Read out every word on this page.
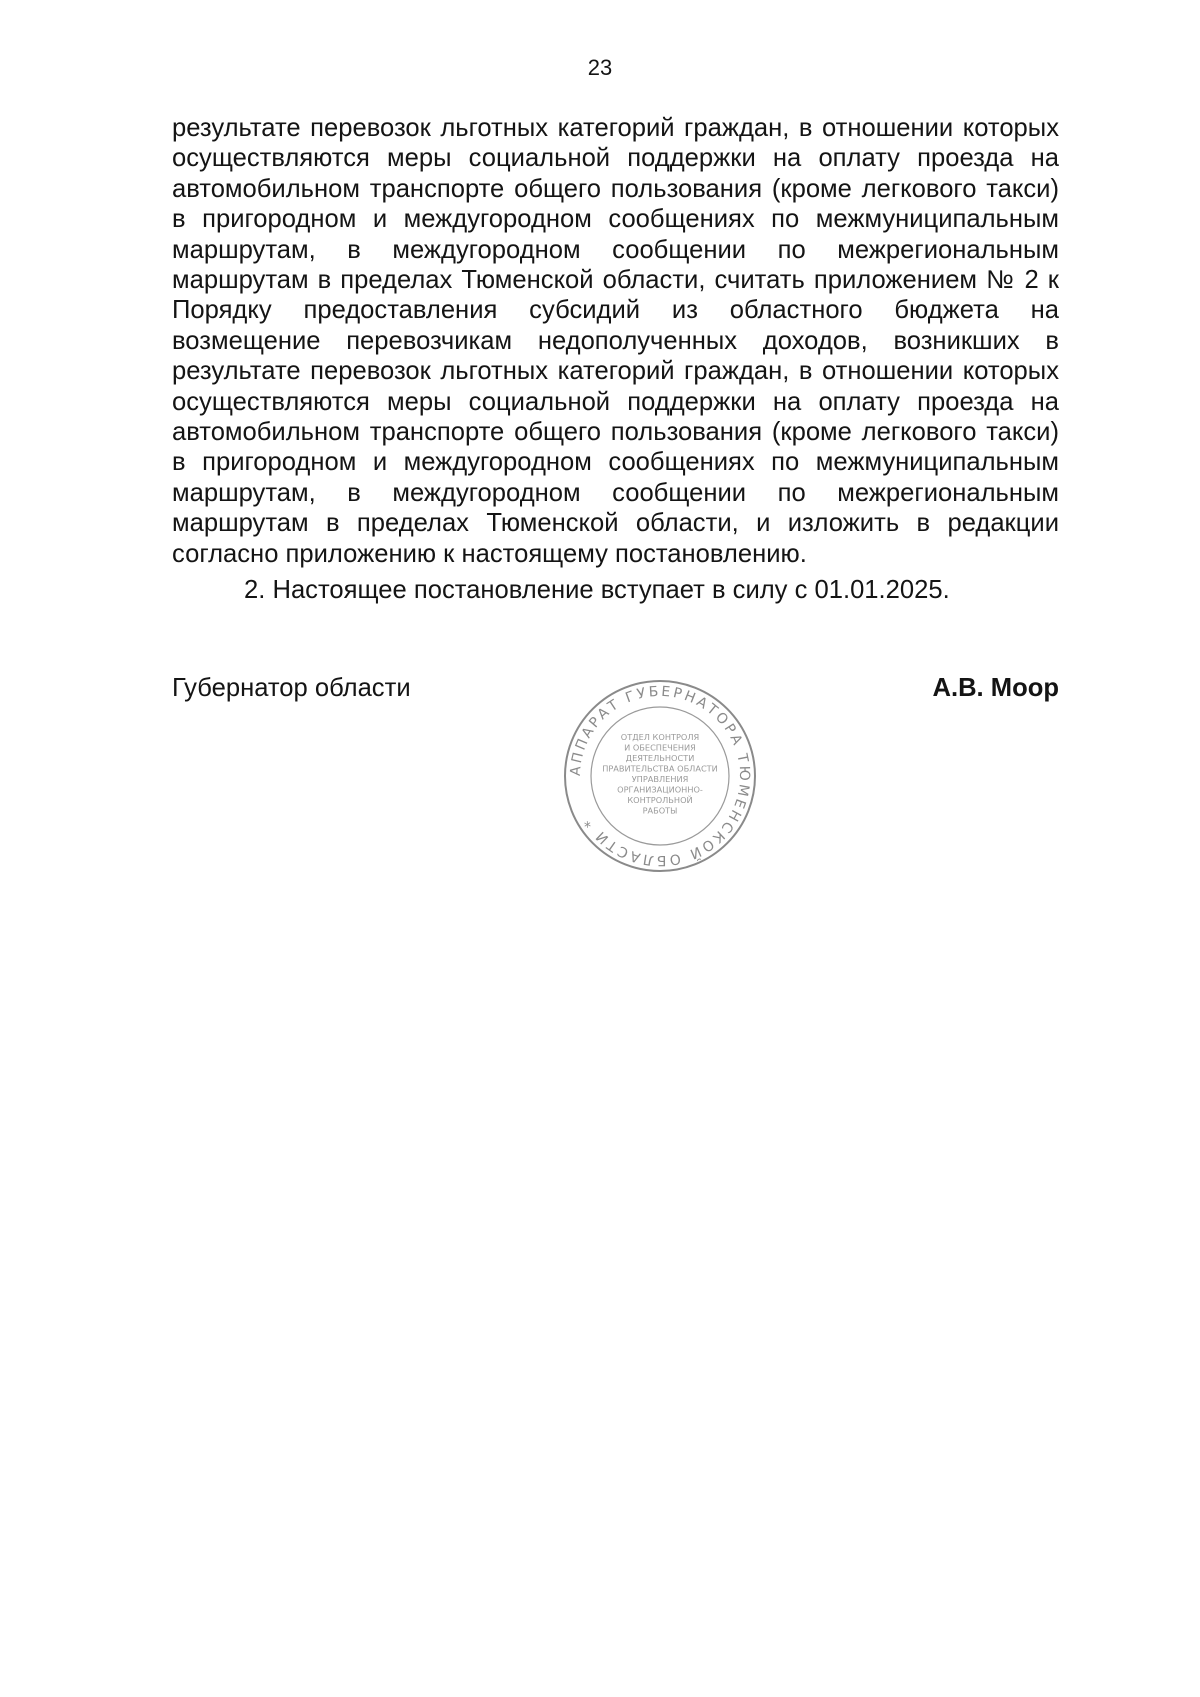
23

результате перевозок льготных категорий граждан, в отношении которых осуществляются меры социальной поддержки на оплату проезда на автомобильном транспорте общего пользования (кроме легкового такси) в пригородном и междугородном сообщениях по межмуниципальным маршрутам, в междугородном сообщении по межрегиональным маршрутам в пределах Тюменской области, считать приложением № 2 к Порядку предоставления субсидий из областного бюджета на возмещение перевозчикам недополученных доходов, возникших в результате перевозок льготных категорий граждан, в отношении которых осуществляются меры социальной поддержки на оплату проезда на автомобильном транспорте общего пользования (кроме легкового такси) в пригородном и междугородном сообщениях по межмуниципальным маршрутам, в междугородном сообщении по межрегиональным маршрутам в пределах Тюменской области, и изложить в редакции согласно приложению к настоящему постановлению.

2. Настоящее постановление вступает в силу с 01.01.2025.

Губернатор области	А.В. Моор
АППАРАТ ГУБЕРНАТОРА ТЮМЕНСКОЙ ОБЛАСТИ *
ОТДЕЛ КОНТРОЛЯ
И ОБЕСПЕЧЕНИЯ
ДЕЯТЕЛЬНОСТИ
ПРАВИТЕЛЬСТВА ОБЛАСТИ
УПРАВЛЕНИЯ
ОРГАНИЗАЦИОННО-
КОНТРОЛЬНОЙ
РАБОТЫ
